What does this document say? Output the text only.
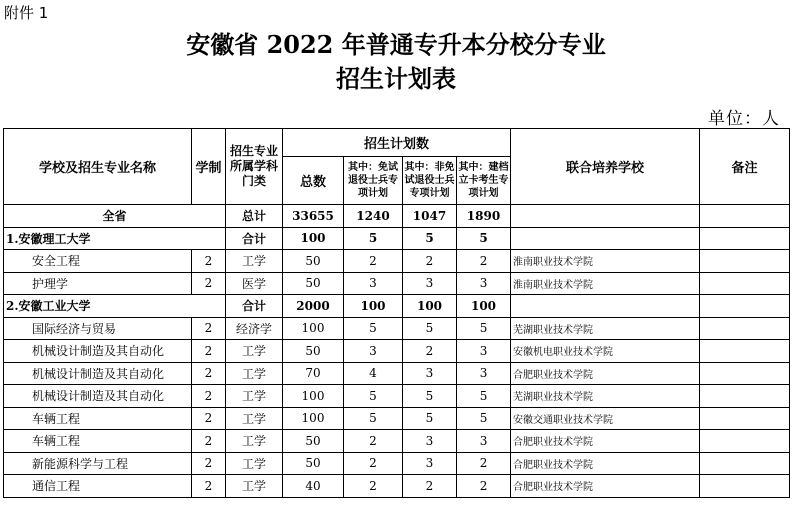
附件 1
安徽省 2022 年普通专升本分校分专业
招生计划表
单位：人
学校及招生专业名称	学制	招生专业所属学科门类	招生计划数				联合培养学校	备注
			总数	其中：免试退役士兵专项计划	其中：非免试退役士兵专项计划	其中：建档立卡考生专项计划		
全省		总计	33655	1240	1047	1890		
1.安徽理工大学		合计	100	5	5	5		
安全工程	2	工学	50	2	2	2	淮南职业技术学院	
护理学	2	医学	50	3	3	3	淮南职业技术学院	
2.安徽工业大学		合计	2000	100	100	100		
国际经济与贸易	2	经济学	100	5	5	5	芜湖职业技术学院	
机械设计制造及其自动化	2	工学	50	3	2	3	安徽机电职业技术学院	
机械设计制造及其自动化	2	工学	70	4	3	3	合肥职业技术学院	
机械设计制造及其自动化	2	工学	100	5	5	5	芜湖职业技术学院	
车辆工程	2	工学	100	5	5	5	安徽交通职业技术学院	
车辆工程	2	工学	50	2	3	3	合肥职业技术学院	
新能源科学与工程	2	工学	50	2	3	2	合肥职业技术学院	
通信工程	2	工学	40	2	2	2	合肥职业技术学院	
